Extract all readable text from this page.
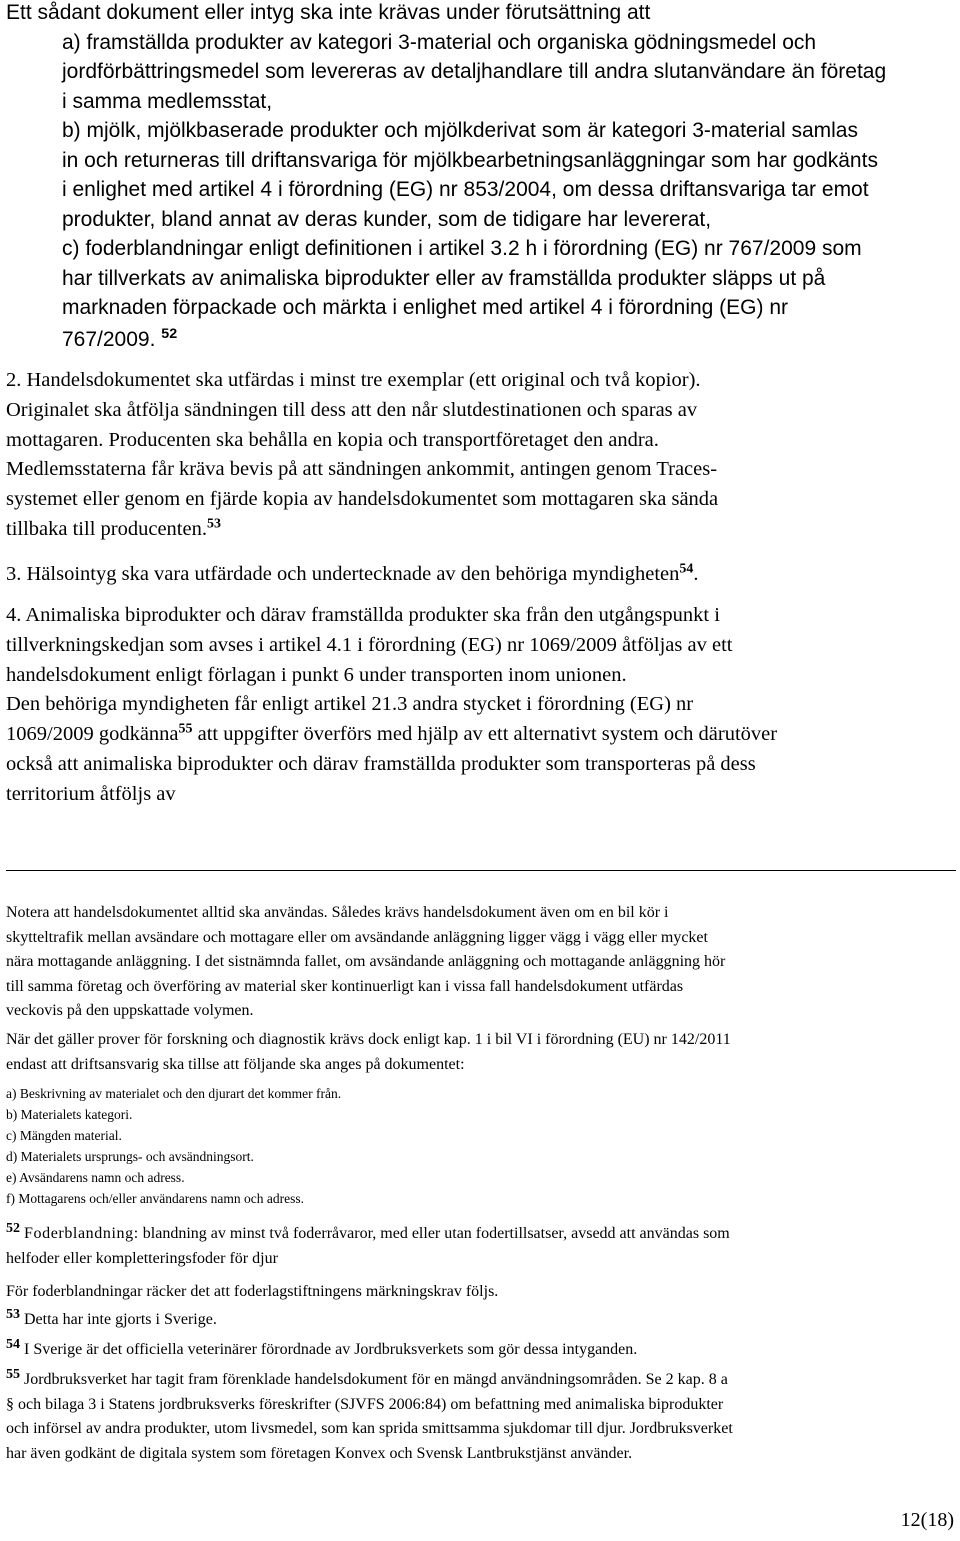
Ett sådant dokument eller intyg ska inte krävas under förutsättning att
a) framställda produkter av kategori 3-material och organiska gödningsmedel och
jordförbättringsmedel som levereras av detaljhandlare till andra slutanvändare än företag
i samma medlemsstat,
b) mjölk, mjölkbaserade produkter och mjölkderivat som är kategori 3-material samlas
in och returneras till driftansvariga för mjölkbearbetningsanläggningar som har godkänts
i enlighet med artikel 4 i förordning (EG) nr 853/2004, om dessa driftansvariga tar emot
produkter, bland annat av deras kunder, som de tidigare har levererat,
c) foderblandningar enligt definitionen i artikel 3.2 h i förordning (EG) nr 767/2009 som
har tillverkats av animaliska biprodukter eller av framställda produkter släpps ut på
marknaden förpackade och märkta i enlighet med artikel 4 i förordning (EG) nr
767/2009. $^{52}$
2. Handelsdokumentet ska utfärdas i minst tre exemplar (ett original och två kopior).
Originalet ska åtfölja sändningen till dess att den når slutdestinationen och sparas av
mottagaren. Producenten ska behålla en kopia och transportföretaget den andra.
Medlemsstaterna får kräva bevis på att sändningen ankommit, antingen genom Traces-
systemet eller genom en fjärde kopia av handelsdokumentet som mottagaren ska sända
tillbaka till producenten.$^{53}$
3. Hälsointyg ska vara utfärdade och undertecknade av den behöriga myndigheten$^{54}$.
4. Animaliska biprodukter och därav framställda produkter ska från den utgångspunkt i
tillverkningskedjan som avses i artikel 4.1 i förordning (EG) nr 1069/2009 åtföljas av ett
handelsdokument enligt förlagan i punkt 6 under transporten inom unionen.
Den behöriga myndigheten får enligt artikel 21.3 andra stycket i förordning (EG) nr
1069/2009 godkänna$^{55}$ att uppgifter överförs med hjälp av ett alternativt system och därutöver
också att animaliska biprodukter och därav framställda produkter som transporteras på dess
territorium åtföljs av
Notera att handelsdokumentet alltid ska användas. Således krävs handelsdokument även om en bil kör i
skytteltrafik mellan avsändare och mottagare eller om avsändande anläggning ligger vägg i vägg eller mycket
nära mottagande anläggning. I det sistnämnda fallet, om avsändande anläggning och mottagande anläggning hör
till samma företag och överföring av material sker kontinuerligt kan i vissa fall handelsdokument utfärdas
veckovis på den uppskattade volymen.
När det gäller prover för forskning och diagnostik krävs dock enligt kap. 1 i bil VI i förordning (EU) nr 142/2011
endast att driftsansvarig ska tillse att följande ska anges på dokumentet:
a) Beskrivning av materialet och den djurart det kommer från.
b) Materialets kategori.
c) Mängden material.
d) Materialets ursprungs- och avsändningsort.
e) Avsändarens namn och adress.
f) Mottagarens och/eller användarens namn och adress.
52 Foderblandning: blandning av minst två foderråvaror, med eller utan fodertillsatser, avsedd att användas som
helfoder eller kompletteringsfoder för djur
För foderblandningar räcker det att foderlagstiftningens märkningskrav följs.
53 Detta har inte gjorts i Sverige.
54 I Sverige är det officiella veterinärer förordnade av Jordbruksverkets som gör dessa intyganden.
55 Jordbruksverket har tagit fram förenklade handelsdokument för en mängd användningsområden. Se 2 kap. 8 a
§ och bilaga 3 i Statens jordbruksverks föreskrifter (SJVFS 2006:84) om befattning med animaliska biprodukter
och införsel av andra produkter, utom livsmedel, som kan sprida smittsamma sjukdomar till djur. Jordbruksverket
har även godkänt de digitala system som företagen Konvex och Svensk Lantbrukstjänst använder.
12(18)
